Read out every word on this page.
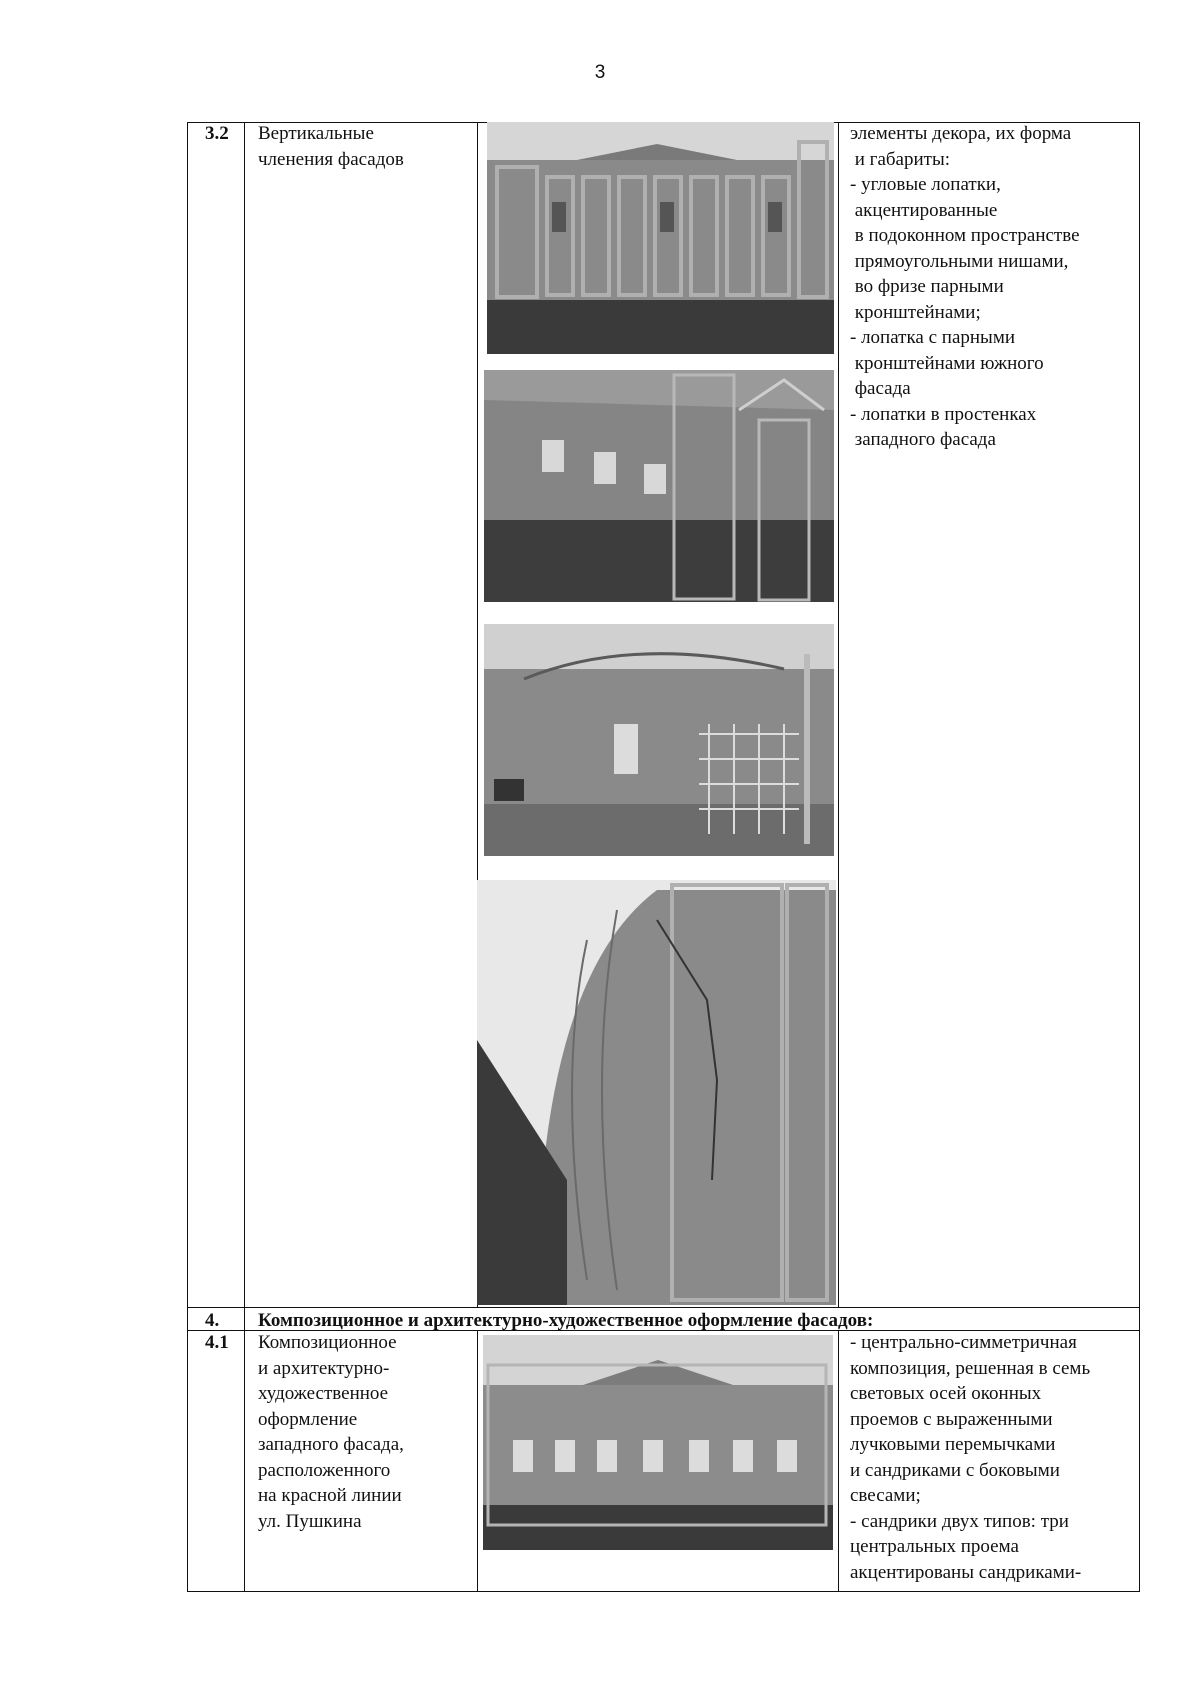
3
3.2 Вертикальные
членения фасадов
элементы декора, их форма
и габариты:
- угловые лопатки,
акцентированные
в подоконном пространстве
прямоугольными нишами,
во фризе парными
кронштейнами;
- лопатка с парными
кронштейнами южного
фасада
- лопатки в простенках
западного фасада
4. Композиционное и архитектурно-художественное оформление фасадов:
4.1 Композиционное
и архитектурно-
художественное
оформление
западного фасада,
расположенного
на красной линии
ул. Пушкина
- центрально-симметричная
композиция, решенная в семь
световых осей оконных
проемов с выраженными
лучковыми перемычками
и сандриками с боковыми
свесами;
- сандрики двух типов: три
центральных проема
акцентированы сандриками-
